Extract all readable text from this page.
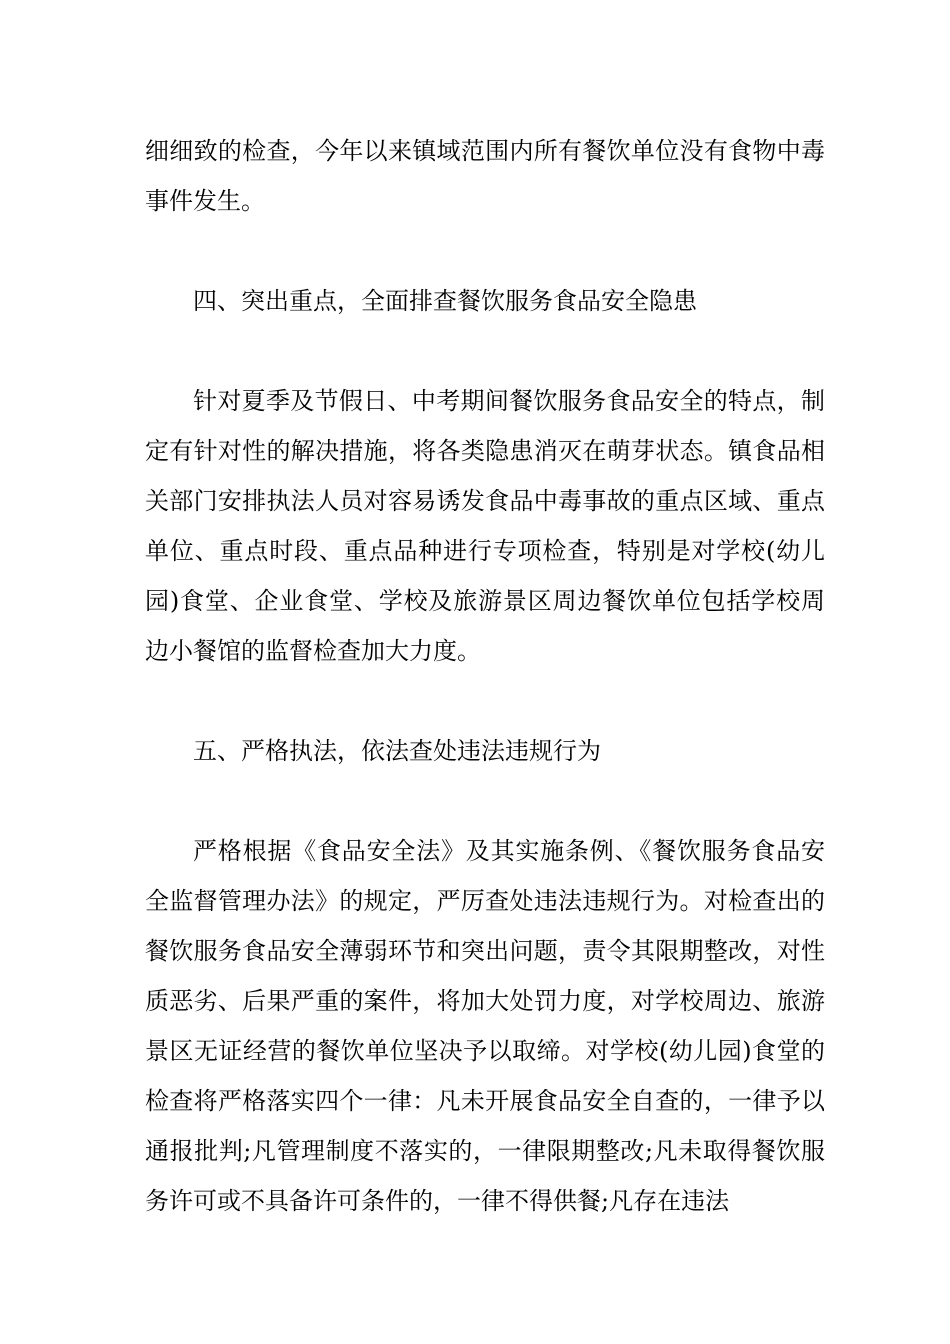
细细致的检查，今年以来镇域范围内所有餐饮单位没有食物中毒事件发生。

四、突出重点，全面排查餐饮服务食品安全隐患

针对夏季及节假日、中考期间餐饮服务食品安全的特点，制定有针对性的解决措施，将各类隐患消灭在萌芽状态。镇食品相关部门安排执法人员对容易诱发食品中毒事故的重点区域、重点单位、重点时段、重点品种进行专项检查，特别是对学校(幼儿园)食堂、企业食堂、学校及旅游景区周边餐饮单位包括学校周边小餐馆的监督检查加大力度。

五、严格执法，依法查处违法违规行为

严格根据《食品安全法》及其实施条例、《餐饮服务食品安全监督管理办法》的规定，严厉查处违法违规行为。对检查出的餐饮服务食品安全薄弱环节和突出问题，责令其限期整改，对性质恶劣、后果严重的案件，将加大处罚力度，对学校周边、旅游景区无证经营的餐饮单位坚决予以取缔。对学校(幼儿园)食堂的检查将严格落实四个一律：凡未开展食品安全自查的，一律予以通报批判;凡管理制度不落实的，一律限期整改;凡未取得餐饮服务许可或不具备许可条件的，一律不得供餐;凡存在违法
